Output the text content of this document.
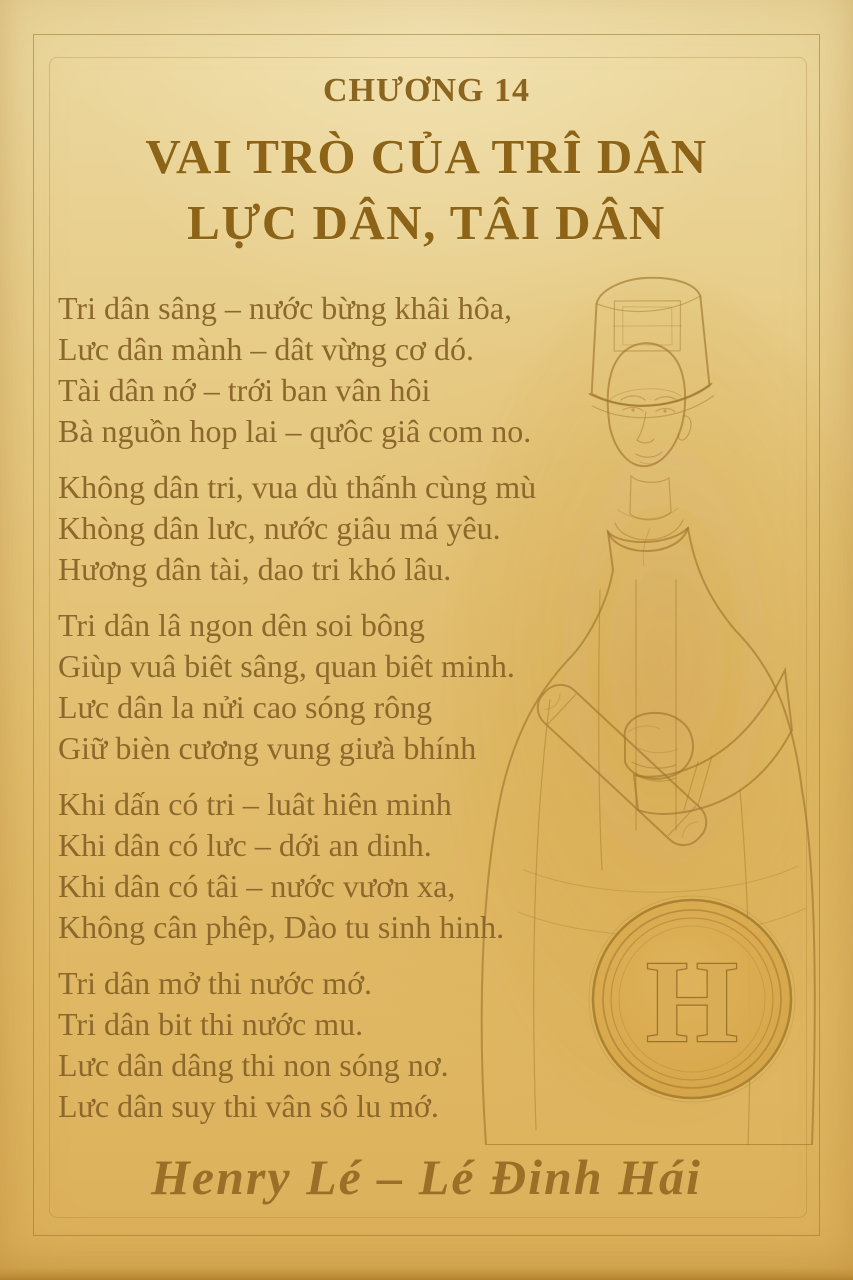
H
CHƯƠNG 14
VAI TRÒ CỦA TRÎ DÂN
LỰC DÂN, TÂI DÂN
Tri dân sâng – nước bừng khâi hôa,
Lưc dân mành – dât vừng cơ dó.
Tài dân nớ – trới ban vân hôi
Bà nguồn hop lai – qưôc giâ com no.
Không dân tri, vua dù thấnh cùng mù
Khòng dân lưc, nước giâu má yêu.
Hương dân tài, dao tri khó lâu.
Tri dân lâ ngon dên soi bông
Giùp vuâ biêt sâng, quan biêt minh.
Lưc dân la nửi cao sóng rông
Giữ bièn cương vung giưà bhính
Khi dấn có tri – luât hiên minh
Khi dân có lưc – dới an dinh.
Khi dân có tâi – nước vươn xa,
Không cân phêp, Dào tu sinh hinh.
Tri dân mở thi nước mớ.
Tri dân bit thi nước mu.
Lưc dân dâng thi non sóng nơ.
Lưc dân suy thi vân sô lu mớ.
Henry Lé – Lé Đinh Hái
